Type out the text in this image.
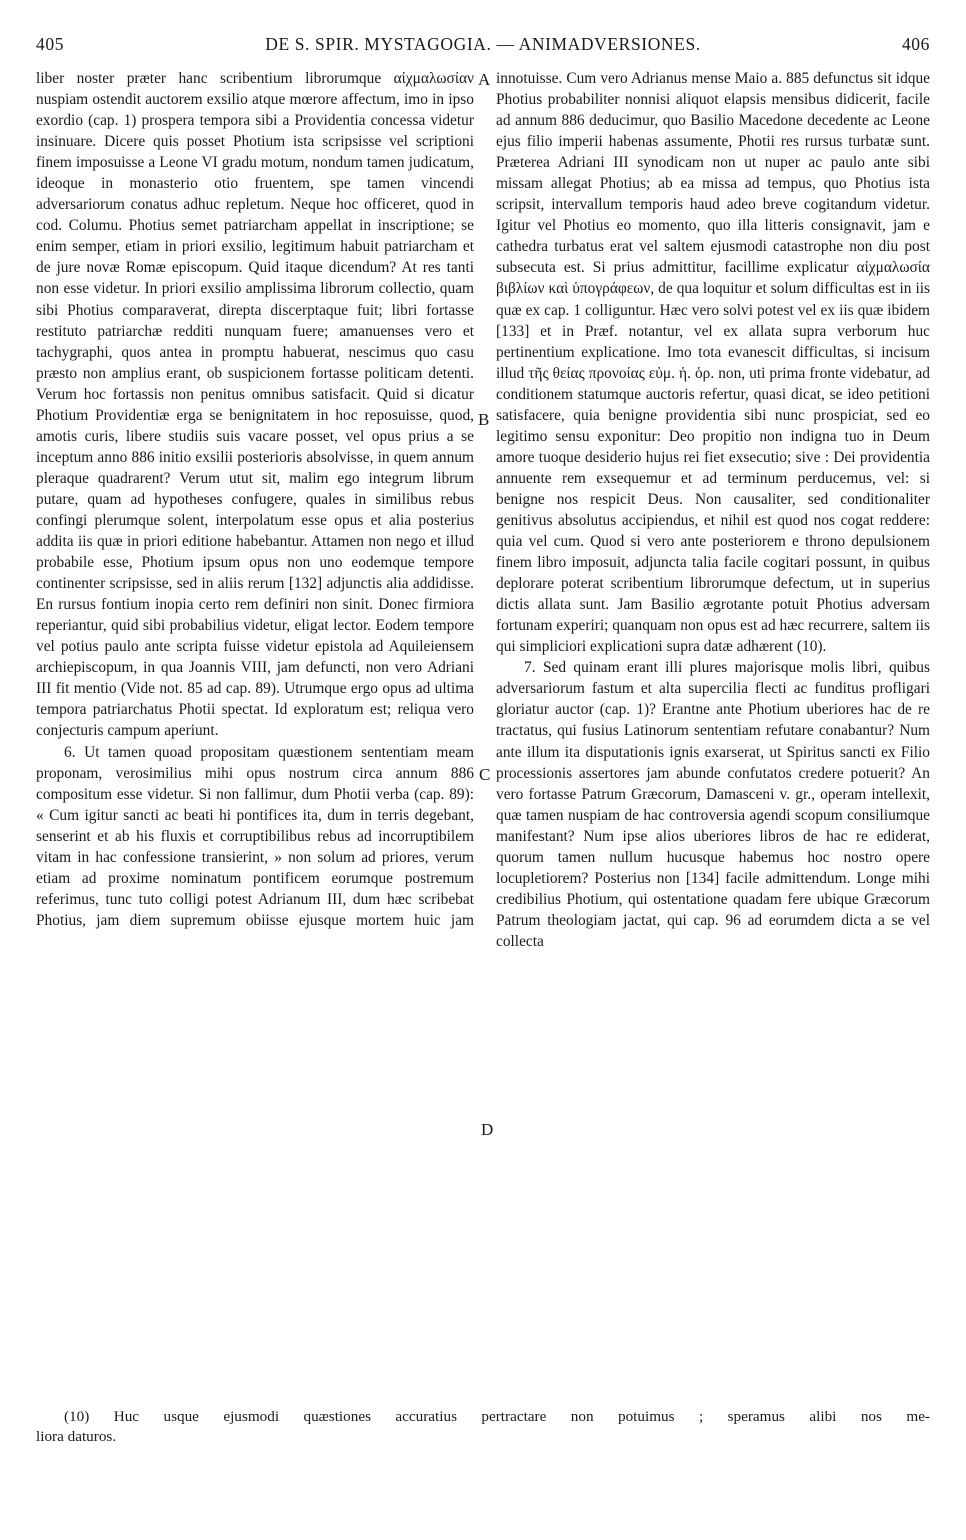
405	DE S. SPIR. MYSTAGOGIA. — ANIMADVERSIONES.	406
A
B
C
D

liber noster præter hanc scribentium librorumque αἰχμαλωσίαν nuspiam ostendit auctorem exsilio atque mœrore affectum, imo in ipso exordio (cap. 1) prospera tempora sibi a Providentia concessa videtur insinuare. Dicere quis posset Photium ista scripsisse vel scriptioni finem imposuisse a Leone VI gradu motum, nondum tamen judicatum, ideoque in monasterio otio fruentem, spe tamen vincendi adversariorum conatus adhuc repletum. Neque hoc officeret, quod in cod. Columu. Photius semet patriarcham appellat in inscriptione; se enim semper, etiam in priori exsilio, legitimum habuit patriarcham et de jure novæ Romæ episcopum. Quid itaque dicendum? At res tanti non esse videtur. In priori exsilio amplissima librorum collectio, quam sibi Photius comparaverat, direpta discerptaque fuit; libri fortasse restituto patriarchæ redditi nunquam fuere; amanuenses vero et tachygraphi, quos antea in promptu habuerat, nescimus quo casu præsto non amplius erant, ob suspicionem fortasse politicam detenti. Verum hoc fortassis non penitus omnibus satisfacit. Quid si dicatur Photium Providentiæ erga se benignitatem in hoc reposuisse, quod, amotis curis, libere studiis suis vacare posset, vel opus prius a se inceptum anno 886 initio exsilii posterioris absolvisse, in quem annum pleraque quadrarent? Verum utut sit, malim ego integrum librum putare, quam ad hypotheses confugere, quales in similibus rebus confingi plerumque solent, interpolatum esse opus et alia posterius addita iis quæ in priori editione habebantur. Attamen non nego et illud probabile esse, Photium ipsum opus non uno eodemque tempore continenter scripsisse, sed in aliis rerum [132] adjunctis alia addidisse. En rursus fontium inopia certo rem definiri non sinit. Donec firmiora reperiantur, quid sibi probabilius videtur, eligat lector. Eodem tempore vel potius paulo ante scripta fuisse videtur epistola ad Aquileiensem archiepiscopum, in qua Joannis VIII, jam defuncti, non vero Adriani III fit mentio (Vide not. 85 ad cap. 89). Utrumque ergo opus ad ultima tempora patriarchatus Photii spectat. Id exploratum est; reliqua vero conjecturis campum aperiunt.

6. Ut tamen quoad propositam quæstionem sententiam meam proponam, verosimilius mihi opus nostrum circa annum 886 compositum esse videtur. Si non fallimur, dum Photii verba (cap. 89): « Cum igitur sancti ac beati hi pontifices ita, dum in terris degebant, senserint et ab his fluxis et corruptibilibus rebus ad incorruptibilem vitam in hac confessione transierint, » non solum ad priores, verum etiam ad proxime nominatum pontificem eorumque postremum referimus, tunc tuto colligi potest Adrianum III, dum hæc scribebat Photius, jam diem supremum obiisse ejusque mortem huic jam

innotuisse. Cum vero Adrianus mense Maio a. 885 defunctus sit idque Photius probabiliter nonnisi aliquot elapsis mensibus didicerit, facile ad annum 886 deducimur, quo Basilio Macedone decedente ac Leone ejus filio imperii habenas assumente, Photii res rursus turbatæ sunt. Præterea Adriani III synodicam non ut nuper ac paulo ante sibi missam allegat Photius; ab ea missa ad tempus, quo Photius ista scripsit, intervallum temporis haud adeo breve cogitandum videtur. Igitur vel Photius eo momento, quo illa litteris consignavit, jam e cathedra turbatus erat vel saltem ejusmodi catastrophe non diu post subsecuta est. Si prius admittitur, facillime explicatur αἰχμαλωσία βιβλίων καὶ ὑπογράφεων, de qua loquitur et solum difficultas est in iis quæ ex cap. 1 colliguntur. Hæc vero solvi potest vel ex iis quæ ibidem [133] et in Præf. notantur, vel ex allata supra verborum huc pertinentium explicatione. Imo tota evanescit difficultas, si incisum illud τῆς θείας προνοίας εὐμ. ἡ. ὁρ. non, uti prima fronte videbatur, ad conditionem statumque auctoris refertur, quasi dicat, se ideo petitioni satisfacere, quia benigne providentia sibi nunc prospiciat, sed eo legitimo sensu exponitur: Deo propitio non indigna tuo in Deum amore tuoque desiderio hujus rei fiet exsecutio; sive : Dei providentia annuente rem exsequemur et ad terminum perducemus, vel: si benigne nos respicit Deus. Non causaliter, sed conditionaliter genitivus absolutus accipiendus, et nihil est quod nos cogat reddere: quia vel cum. Quod si vero ante posteriorem e throno depulsionem finem libro imposuit, adjuncta talia facile cogitari possunt, in quibus deplorare poterat scribentium librorumque defectum, ut in superius dictis allata sunt. Jam Basilio ægrotante potuit Photius adversam fortunam experiri; quanquam non opus est ad hæc recurrere, saltem iis qui simpliciori explicationi supra datæ adhærent (10).

7. Sed quinam erant illi plures majorisque molis libri, quibus adversariorum fastum et alta supercilia flecti ac funditus profligari gloriatur auctor (cap. 1)? Erantne ante Photium uberiores hac de re tractatus, qui fusius Latinorum sententiam refutare conabantur? Num ante illum ita disputationis ignis exarserat, ut Spiritus sancti ex Filio processionis assertores jam abunde confutatos credere potuerit? An vero fortasse Patrum Græcorum, Damasceni v. gr., operam intellexit, quæ tamen nuspiam de hac controversia agendi scopum consiliumque manifestant? Num ipse alios uberiores libros de hac re ediderat, quorum tamen nullum hucusque habemus hoc nostro opere locupletiorem? Posterius non [134] facile admittendum. Longe mihi credibilius Photium, qui ostentatione quadam fere ubique Græcorum Patrum theologiam jactat, qui cap. 96 ad eorumdem dicta a se vel collecta

(10) Huc usque ejusmodi quæstiones accuratius pertractare non potuimus ; speramus alibi nos me-
liora daturos.
